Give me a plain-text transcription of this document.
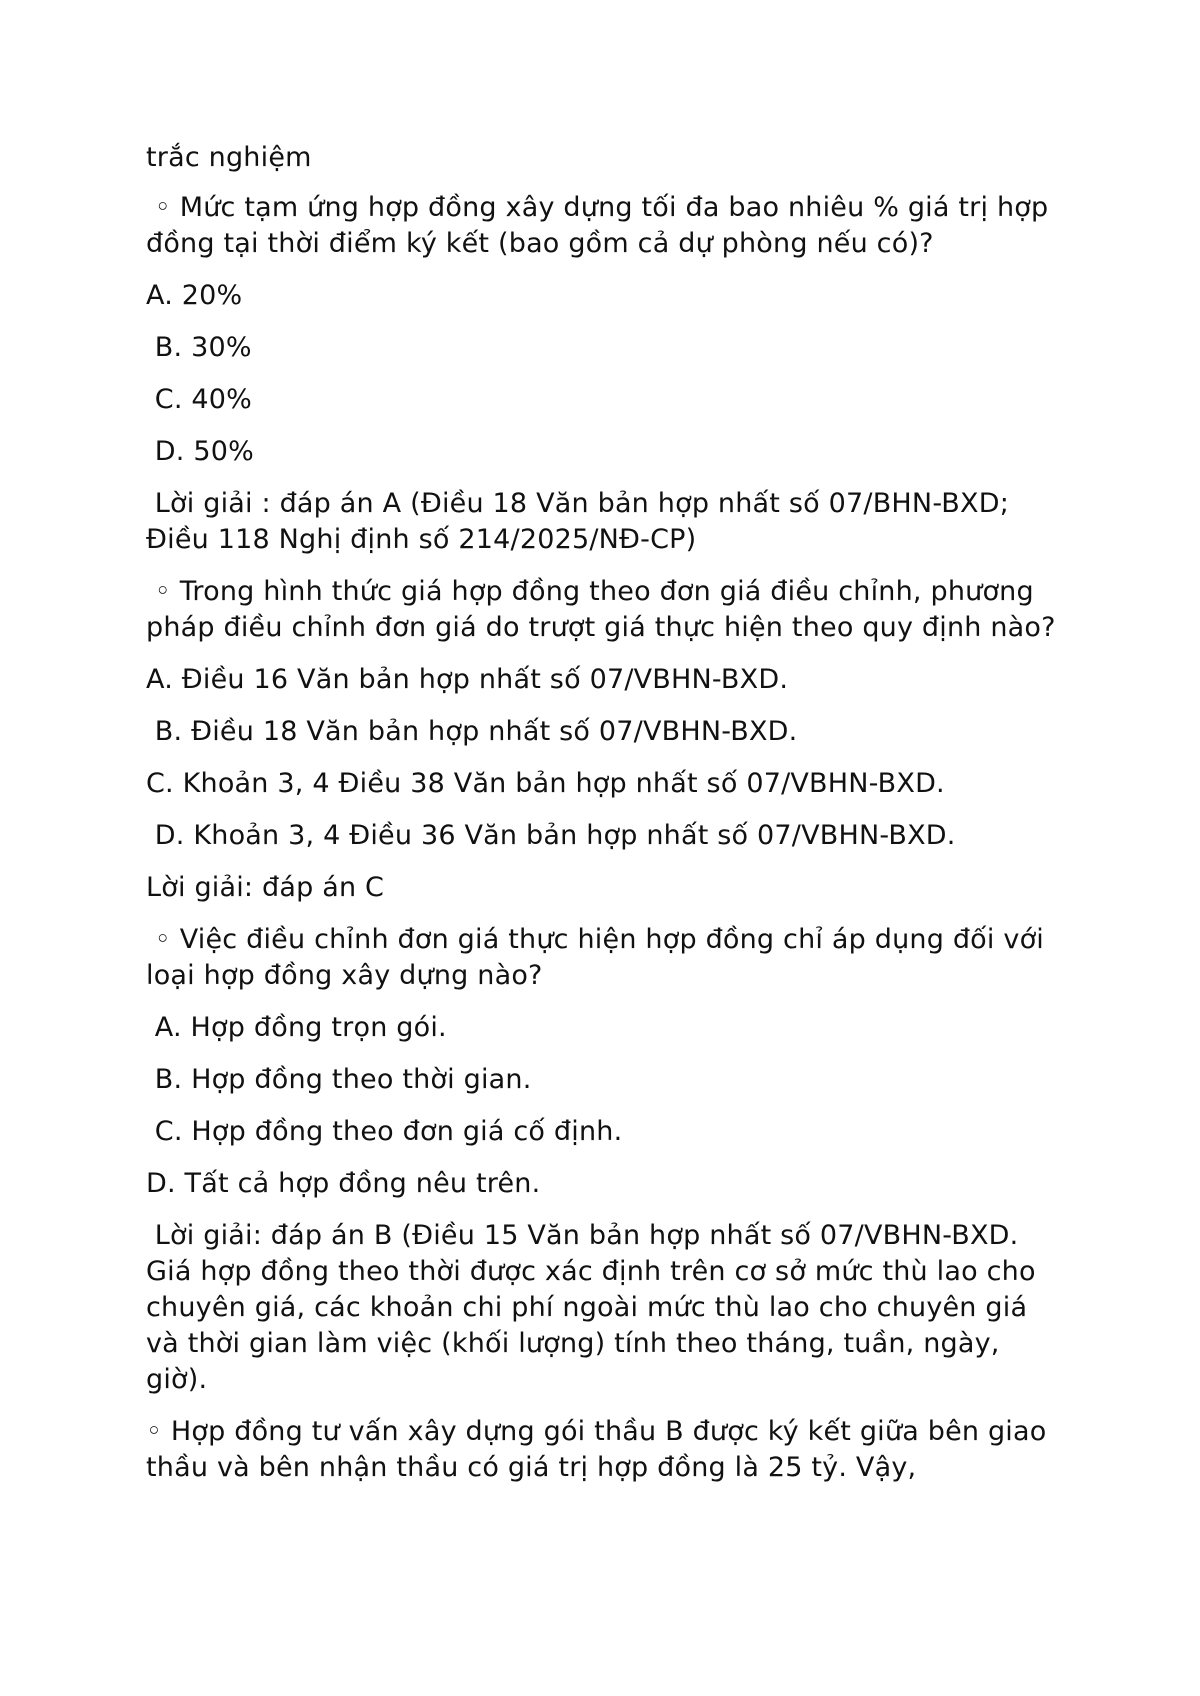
trắc nghiệm
◦ Mức tạm ứng hợp đồng xây dựng tối đa bao nhiêu % giá trị hợp đồng tại thời điểm ký kết (bao gồm cả dự phòng nếu có)?
A. 20%
B. 30%
C. 40%
D. 50%
Lời giải : đáp án A (Điều 18 Văn bản hợp nhất số 07/BHN-BXD; Điều 118 Nghị định số 214/2025/NĐ-CP)
◦ Trong hình thức giá hợp đồng theo đơn giá điều chỉnh, phương pháp điều chỉnh đơn giá do trượt giá thực hiện theo quy định nào?
A. Điều 16 Văn bản hợp nhất số 07/VBHN-BXD.
B. Điều 18 Văn bản hợp nhất số 07/VBHN-BXD.
C. Khoản 3, 4 Điều 38 Văn bản hợp nhất số 07/VBHN-BXD.
D. Khoản 3, 4 Điều 36 Văn bản hợp nhất số 07/VBHN-BXD.
Lời giải: đáp án C
◦ Việc điều chỉnh đơn giá thực hiện hợp đồng chỉ áp dụng đối với loại hợp đồng xây dựng nào?
A. Hợp đồng trọn gói.
B. Hợp đồng theo thời gian.
C. Hợp đồng theo đơn giá cố định.
D. Tất cả hợp đồng nêu trên.
Lời giải: đáp án B (Điều 15 Văn bản hợp nhất số 07/VBHN-BXD. Giá hợp đồng theo thời được xác định trên cơ sở mức thù lao cho chuyên giá, các khoản chi phí ngoài mức thù lao cho chuyên giá và thời gian làm việc (khối lượng) tính theo tháng, tuần, ngày, giờ).
◦ Hợp đồng tư vấn xây dựng gói thầu B được ký kết giữa bên giao thầu và bên nhận thầu có giá trị hợp đồng là 25 tỷ. Vậy,
